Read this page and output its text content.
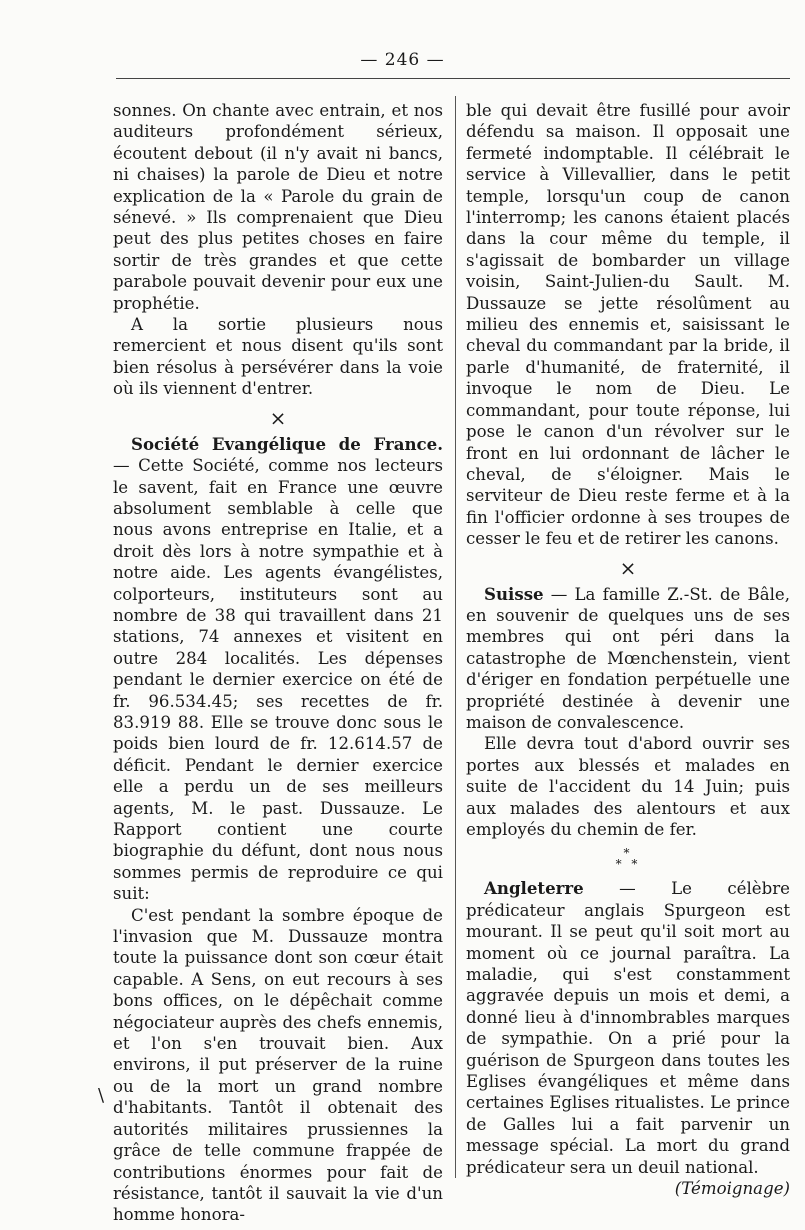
— 246 —
\

sonnes. On chante avec entrain, et nos auditeurs profondément sérieux, écoutent debout (il n'y avait ni bancs, ni chaises) la parole de Dieu et notre explication de la « Parole du grain de sénevé. » Ils comprenaient que Dieu peut des plus petites choses en faire sortir de très grandes et que cette parabole pouvait devenir pour eux une prophétie.

A la sortie plusieurs nous remercient et nous disent qu'ils sont bien résolus à persévérer dans la voie où ils viennent d'entrer.

×

Société Evangélique de France. — Cette Société, comme nos lecteurs le savent, fait en France une œuvre absolument semblable à celle que nous avons entreprise en Italie, et a droit dès lors à notre sympathie et à notre aide. Les agents évangélistes, colporteurs, instituteurs sont au nombre de 38 qui travaillent dans 21 stations, 74 annexes et visitent en outre 284 localités. Les dépenses pendant le dernier exercice on été de fr. 96.534.45; ses recettes de fr. 83.919 88. Elle se trouve donc sous le poids bien lourd de fr. 12.614.57 de déficit. Pendant le dernier exercice elle a perdu un de ses meilleurs agents, M. le past. Dussauze. Le Rapport contient une courte biographie du défunt, dont nous nous sommes permis de reproduire ce qui suit:

C'est pendant la sombre époque de l'invasion que M. Dussauze montra toute la puissance dont son cœur était capable. A Sens, on eut recours à ses bons offices, on le dépêchait comme négociateur auprès des chefs ennemis, et l'on s'en trouvait bien. Aux environs, il put préserver de la ruine ou de la mort un grand nombre d'habitants. Tantôt il obtenait des autorités militaires prussiennes la grâce de telle commune frappée de contributions énormes pour fait de résistance, tantôt il sauvait la vie d'un homme honora-

ble qui devait être fusillé pour avoir défendu sa maison. Il opposait une fermeté indomptable. Il célébrait le service à Villevallier, dans le petit temple, lorsqu'un coup de canon l'interromp; les canons étaient placés dans la cour même du temple, il s'agissait de bombarder un village voisin, Saint-Julien-du Sault. M. Dussauze se jette résolûment au milieu des ennemis et, saisissant le cheval du commandant par la bride, il parle d'humanité, de fraternité, il invoque le nom de Dieu. Le commandant, pour toute réponse, lui pose le canon d'un révolver sur le front en lui ordonnant de lâcher le cheval, de s'éloigner. Mais le serviteur de Dieu reste ferme et à la fin l'officier ordonne à ses troupes de cesser le feu et de retirer les canons.

×

Suisse — La famille Z.-St. de Bâle, en souvenir de quelques uns de ses membres qui ont péri dans la catastrophe de Mœnchenstein, vient d'ériger en fondation perpétuelle une propriété destinée à devenir une maison de convalescence.

Elle devra tout d'abord ouvrir ses portes aux blessés et malades en suite de l'accident du 14 Juin; puis aux malades des alentours et aux employés du chemin de fer.

*
* *

Angleterre — Le célèbre prédicateur anglais Spurgeon est mourant. Il se peut qu'il soit mort au moment où ce journal paraîtra. La maladie, qui s'est constamment aggravée depuis un mois et demi, a donné lieu à d'innombrables marques de sympathie. On a prié pour la guérison de Spurgeon dans toutes les Eglises évangéliques et même dans certaines Eglises ritualistes. Le prince de Galles lui a fait parvenir un message spécial. La mort du grand prédicateur sera un deuil national.

(Témoignage)
